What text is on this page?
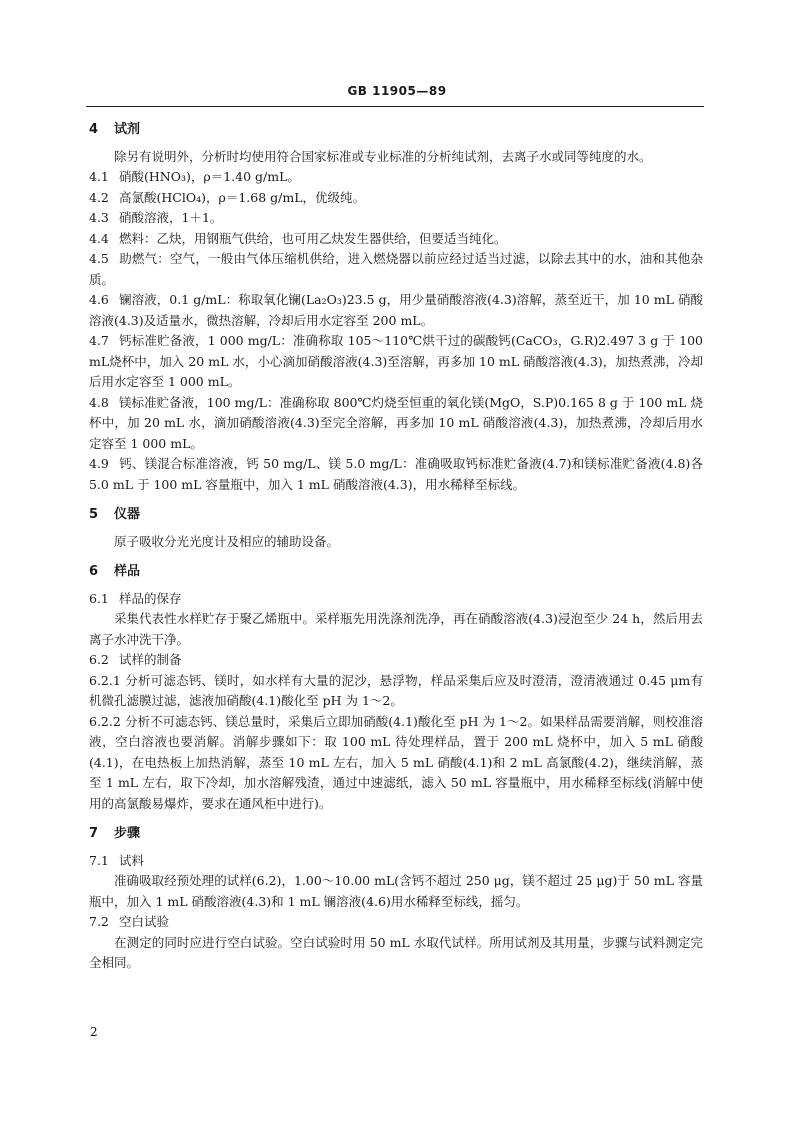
GB 11905—89
4 试剂
除另有说明外，分析时均使用符合国家标准或专业标准的分析纯试剂，去离子水或同等纯度的水。
4.1 硝酸(HNO₃)，ρ＝1.40 g/mL。
4.2 高氯酸(HClO₄)，ρ＝1.68 g/mL，优级纯。
4.3 硝酸溶液，1＋1。
4.4 燃料：乙炔，用钢瓶气供给，也可用乙炔发生器供给，但要适当纯化。
4.5 助燃气：空气，一般由气体压缩机供给，进入燃烧器以前应经过适当过滤，以除去其中的水，油和其他杂质。
4.6 镧溶液，0.1 g/mL：称取氧化镧(La₂O₃)23.5 g，用少量硝酸溶液(4.3)溶解，蒸至近干，加 10 mL 硝酸溶液(4.3)及适量水，微热溶解，冷却后用水定容至 200 mL。
4.7 钙标准贮备液，1 000 mg/L：准确称取 105～110℃烘干过的碳酸钙(CaCO₃，G.R)2.497 3 g 于 100 mL烧杯中，加入 20 mL 水，小心滴加硝酸溶液(4.3)至溶解，再多加 10 mL 硝酸溶液(4.3)，加热煮沸，冷却后用水定容至 1 000 mL。
4.8 镁标准贮备液，100 mg/L：准确称取 800℃灼烧至恒重的氧化镁(MgO，S.P)0.165 8 g 于 100 mL 烧杯中，加 20 mL 水，滴加硝酸溶液(4.3)至完全溶解，再多加 10 mL 硝酸溶液(4.3)，加热煮沸，冷却后用水定容至 1 000 mL。
4.9 钙、镁混合标准溶液，钙 50 mg/L、镁 5.0 mg/L：准确吸取钙标准贮备液(4.7)和镁标准贮备液(4.8)各 5.0 mL 于 100 mL 容量瓶中，加入 1 mL 硝酸溶液(4.3)，用水稀释至标线。
5 仪器
原子吸收分光光度计及相应的辅助设备。
6 样品
6.1 样品的保存
采集代表性水样贮存于聚乙烯瓶中。采样瓶先用洗涤剂洗净，再在硝酸溶液(4.3)浸泡至少 24 h，然后用去离子水冲洗干净。
6.2 试样的制备
6.2.1 分析可滤态钙、镁时，如水样有大量的泥沙，悬浮物，样品采集后应及时澄清，澄清液通过 0.45 μm有机微孔滤膜过滤，滤液加硝酸(4.1)酸化至 pH 为 1～2。
6.2.2 分析不可滤态钙、镁总量时，采集后立即加硝酸(4.1)酸化至 pH 为 1～2。如果样品需要消解，则校准溶液，空白溶液也要消解。消解步骤如下：取 100 mL 待处理样品，置于 200 mL 烧杯中，加入 5 mL 硝酸(4.1)，在电热板上加热消解，蒸至 10 mL 左右，加入 5 mL 硝酸(4.1)和 2 mL 高氯酸(4.2)，继续消解，蒸至 1 mL 左右，取下冷却，加水溶解残渣，通过中速滤纸，滤入 50 mL 容量瓶中，用水稀释至标线(消解中使用的高氯酸易爆炸，要求在通风柜中进行)。
7 步骤
7.1 试料
准确吸取经预处理的试样(6.2)，1.00～10.00 mL(含钙不超过 250 μg，镁不超过 25 μg)于 50 mL 容量瓶中，加入 1 mL 硝酸溶液(4.3)和 1 mL 镧溶液(4.6)用水稀释至标线，摇匀。
7.2 空白试验
在测定的同时应进行空白试验。空白试验时用 50 mL 水取代试样。所用试剂及其用量，步骤与试料测定完全相同。
2
